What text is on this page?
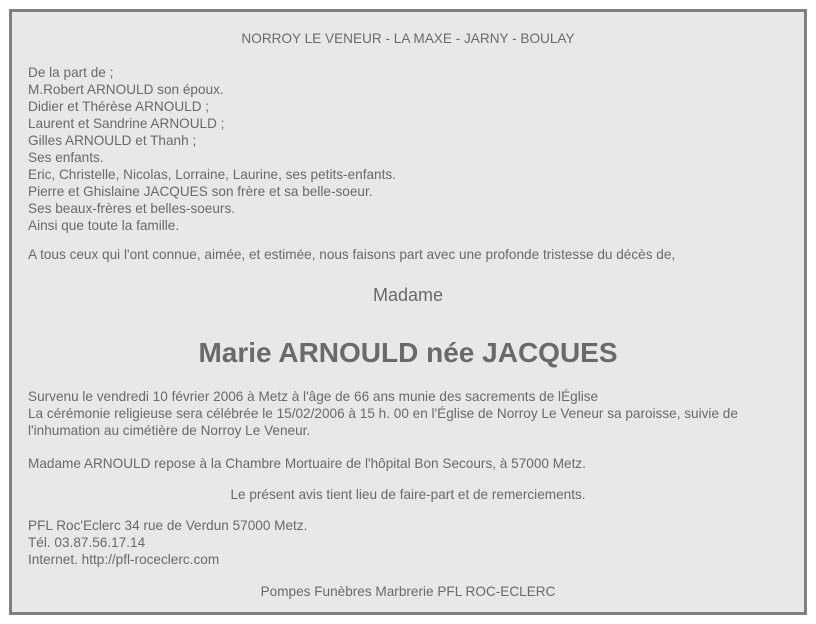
NORROY LE VENEUR - LA MAXE - JARNY - BOULAY
De la part de ;
M.Robert ARNOULD son époux.
Didier et Thérèse ARNOULD ;
Laurent et Sandrine ARNOULD ;
Gilles ARNOULD et Thanh ;
Ses enfants.
Eric, Christelle, Nicolas, Lorraine, Laurine, ses petits-enfants.
Pierre et Ghislaine JACQUES son frère et sa belle-soeur.
Ses beaux-frères et belles-soeurs.
Ainsi que toute la famille.
A tous ceux qui l'ont connue, aimée, et estimée, nous faisons part avec une profonde tristesse du décès de,
Madame
Marie ARNOULD née JACQUES
Survenu le vendredi 10 février 2006 à Metz à l'âge de 66 ans munie des sacrements de lÉglise
La cérémonie religieuse sera célébrée le 15/02/2006 à 15 h. 00 en l'Église de Norroy Le Veneur sa paroisse, suivie de l'inhumation au cimétière de Norroy Le Veneur.
Madame ARNOULD repose à la Chambre Mortuaire de l'hôpital Bon Secours, à 57000 Metz.
Le présent avis tient lieu de faire-part et de remerciements.
PFL Roc'Eclerc 34 rue de Verdun 57000 Metz.
Tél. 03.87.56.17.14
Internet. http://pfl-roceclerc.com
Pompes Funèbres Marbrerie PFL ROC-ECLERC
